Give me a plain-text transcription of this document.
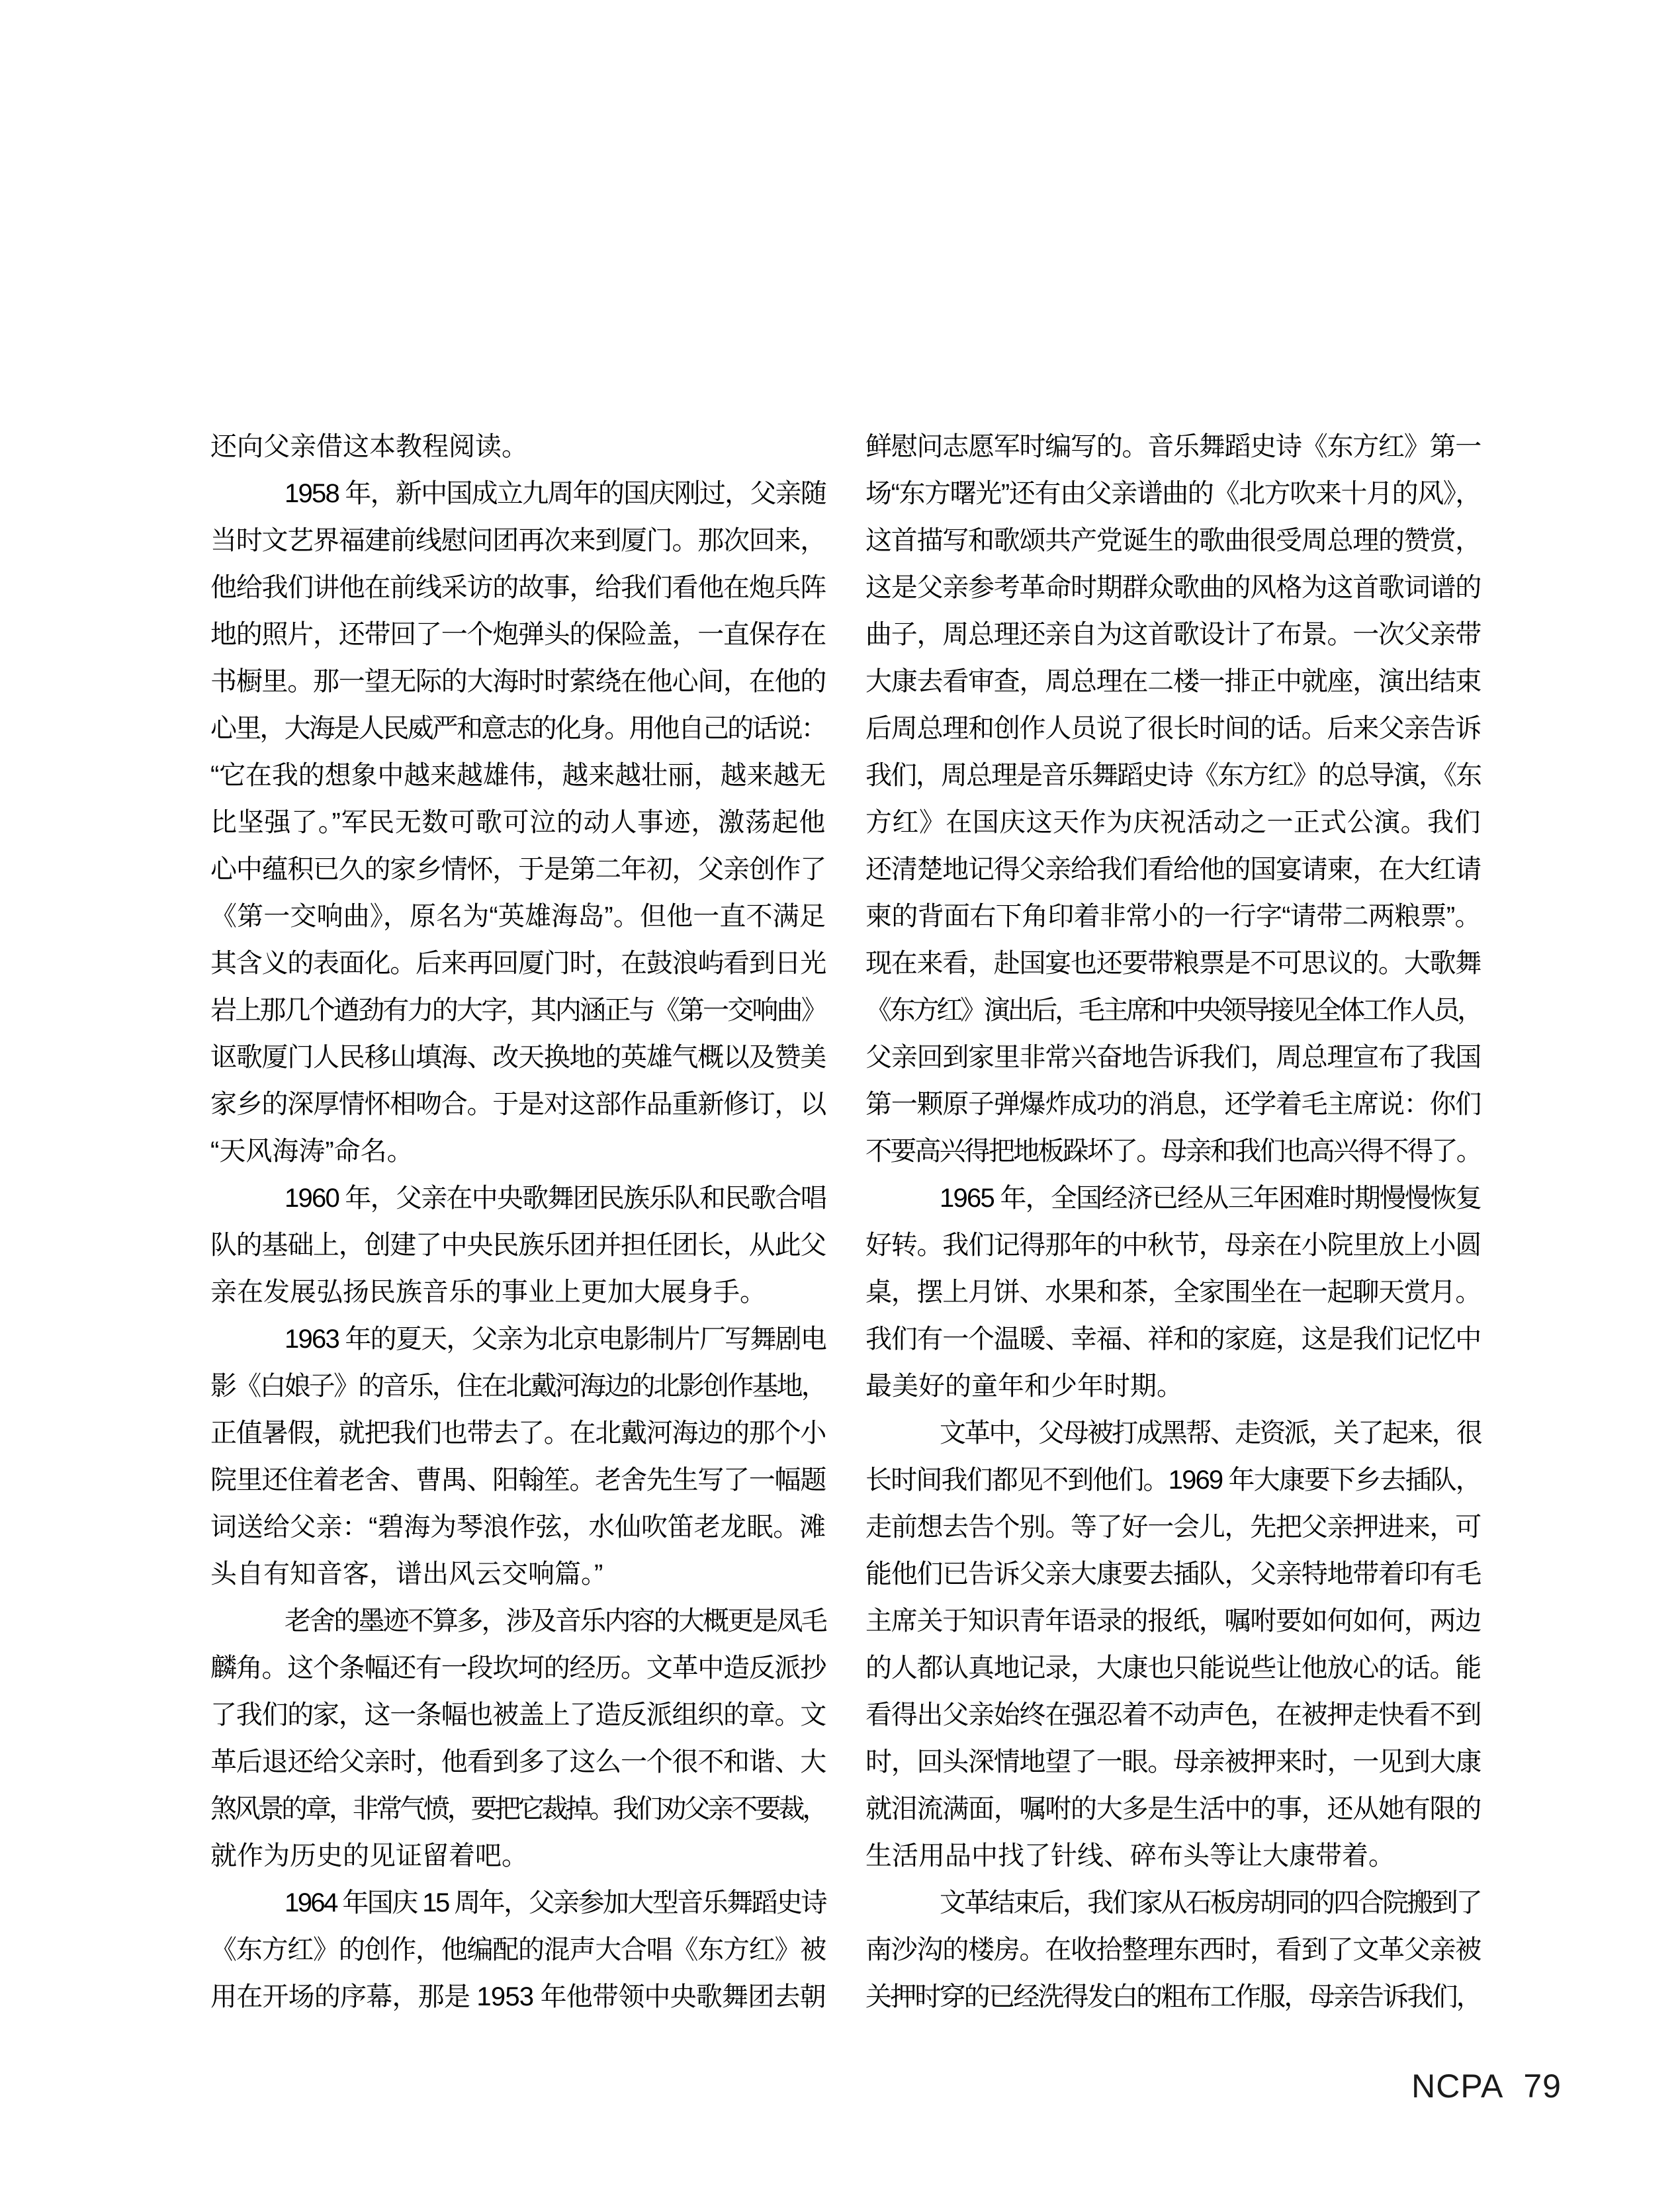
还向父亲借这本教程阅读。
1958 年，新中国成立九周年的国庆刚过，父亲随
当时文艺界福建前线慰问团再次来到厦门。那次回来，
他给我们讲他在前线采访的故事，给我们看他在炮兵阵
地的照片，还带回了一个炮弹头的保险盖，一直保存在
书橱里。那一望无际的大海时时萦绕在他心间，在他的
心里，大海是人民威严和意志的化身。用他自己的话说：
“它在我的想象中越来越雄伟，越来越壮丽，越来越无
比坚强了。”军民无数可歌可泣的动人事迹，激荡起他
心中蕴积已久的家乡情怀，于是第二年初，父亲创作了
《第一交响曲》，原名为“英雄海岛”。但他一直不满足
其含义的表面化。后来再回厦门时，在鼓浪屿看到日光
岩上那几个遒劲有力的大字，其内涵正与《第一交响曲》
讴歌厦门人民移山填海、改天换地的英雄气概以及赞美
家乡的深厚情怀相吻合。于是对这部作品重新修订，以
“天风海涛”命名。
1960 年，父亲在中央歌舞团民族乐队和民歌合唱
队的基础上，创建了中央民族乐团并担任团长，从此父
亲在发展弘扬民族音乐的事业上更加大展身手。
1963 年的夏天，父亲为北京电影制片厂写舞剧电
影《白娘子》的音乐，住在北戴河海边的北影创作基地，
正值暑假，就把我们也带去了。在北戴河海边的那个小
院里还住着老舍、曹禺、阳翰笙。老舍先生写了一幅题
词送给父亲：“碧海为琴浪作弦，水仙吹笛老龙眠。滩
头自有知音客，谱出风云交响篇。”
老舍的墨迹不算多，涉及音乐内容的大概更是凤毛
麟角。这个条幅还有一段坎坷的经历。文革中造反派抄
了我们的家，这一条幅也被盖上了造反派组织的章。文
革后退还给父亲时，他看到多了这么一个很不和谐、大
煞风景的章，非常气愤，要把它裁掉。我们劝父亲不要裁，
就作为历史的见证留着吧。
1964 年国庆 15 周年，父亲参加大型音乐舞蹈史诗
《东方红》的创作，他编配的混声大合唱《东方红》被
用在开场的序幕，那是 1953 年他带领中央歌舞团去朝
鲜慰问志愿军时编写的。音乐舞蹈史诗《东方红》第一
场“东方曙光”还有由父亲谱曲的《北方吹来十月的风》，
这首描写和歌颂共产党诞生的歌曲很受周总理的赞赏，
这是父亲参考革命时期群众歌曲的风格为这首歌词谱的
曲子，周总理还亲自为这首歌设计了布景。一次父亲带
大康去看审查，周总理在二楼一排正中就座，演出结束
后周总理和创作人员说了很长时间的话。后来父亲告诉
我们，周总理是音乐舞蹈史诗《东方红》的总导演，《东
方红》在国庆这天作为庆祝活动之一正式公演。我们
还清楚地记得父亲给我们看给他的国宴请柬，在大红请
柬的背面右下角印着非常小的一行字“请带二两粮票”。
现在来看，赴国宴也还要带粮票是不可思议的。大歌舞
《东方红》演出后，毛主席和中央领导接见全体工作人员，
父亲回到家里非常兴奋地告诉我们，周总理宣布了我国
第一颗原子弹爆炸成功的消息，还学着毛主席说：你们
不要高兴得把地板跺坏了。母亲和我们也高兴得不得了。
1965 年，全国经济已经从三年困难时期慢慢恢复
好转。我们记得那年的中秋节，母亲在小院里放上小圆
桌，摆上月饼、水果和茶，全家围坐在一起聊天赏月。
我们有一个温暖、幸福、祥和的家庭，这是我们记忆中
最美好的童年和少年时期。
文革中，父母被打成黑帮、走资派，关了起来，很
长时间我们都见不到他们。1969 年大康要下乡去插队，
走前想去告个别。等了好一会儿，先把父亲押进来，可
能他们已告诉父亲大康要去插队，父亲特地带着印有毛
主席关于知识青年语录的报纸，嘱咐要如何如何，两边
的人都认真地记录，大康也只能说些让他放心的话。能
看得出父亲始终在强忍着不动声色，在被押走快看不到
时，回头深情地望了一眼。母亲被押来时，一见到大康
就泪流满面，嘱咐的大多是生活中的事，还从她有限的
生活用品中找了针线、碎布头等让大康带着。
文革结束后，我们家从石板房胡同的四合院搬到了
南沙沟的楼房。在收拾整理东西时，看到了文革父亲被
关押时穿的已经洗得发白的粗布工作服，母亲告诉我们，
NCPA 79
